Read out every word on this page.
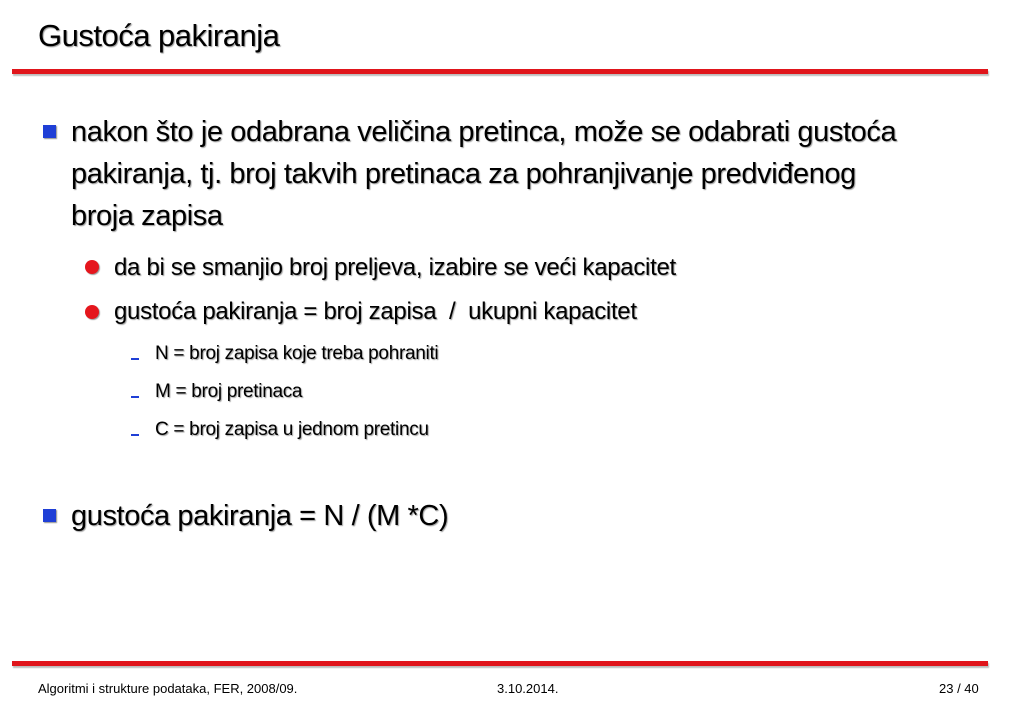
Gustoća pakiranja
nakon što je odabrana veličina pretinca, može se odabrati gustoća
pakiranja, tj. broj takvih pretinaca za pohranjivanje predviđenog
broja zapisa
da bi se smanjio broj preljeva, izabire se veći kapacitet
gustoća pakiranja = broj zapisa  /  ukupni kapacitet
N = broj zapisa koje treba pohraniti
M = broj pretinaca
C = broj zapisa u jednom pretincu
gustoća pakiranja = N / (M *C)
Algoritmi i strukture podataka, FER, 2008/09.	3.10.2014.	23 / 40
